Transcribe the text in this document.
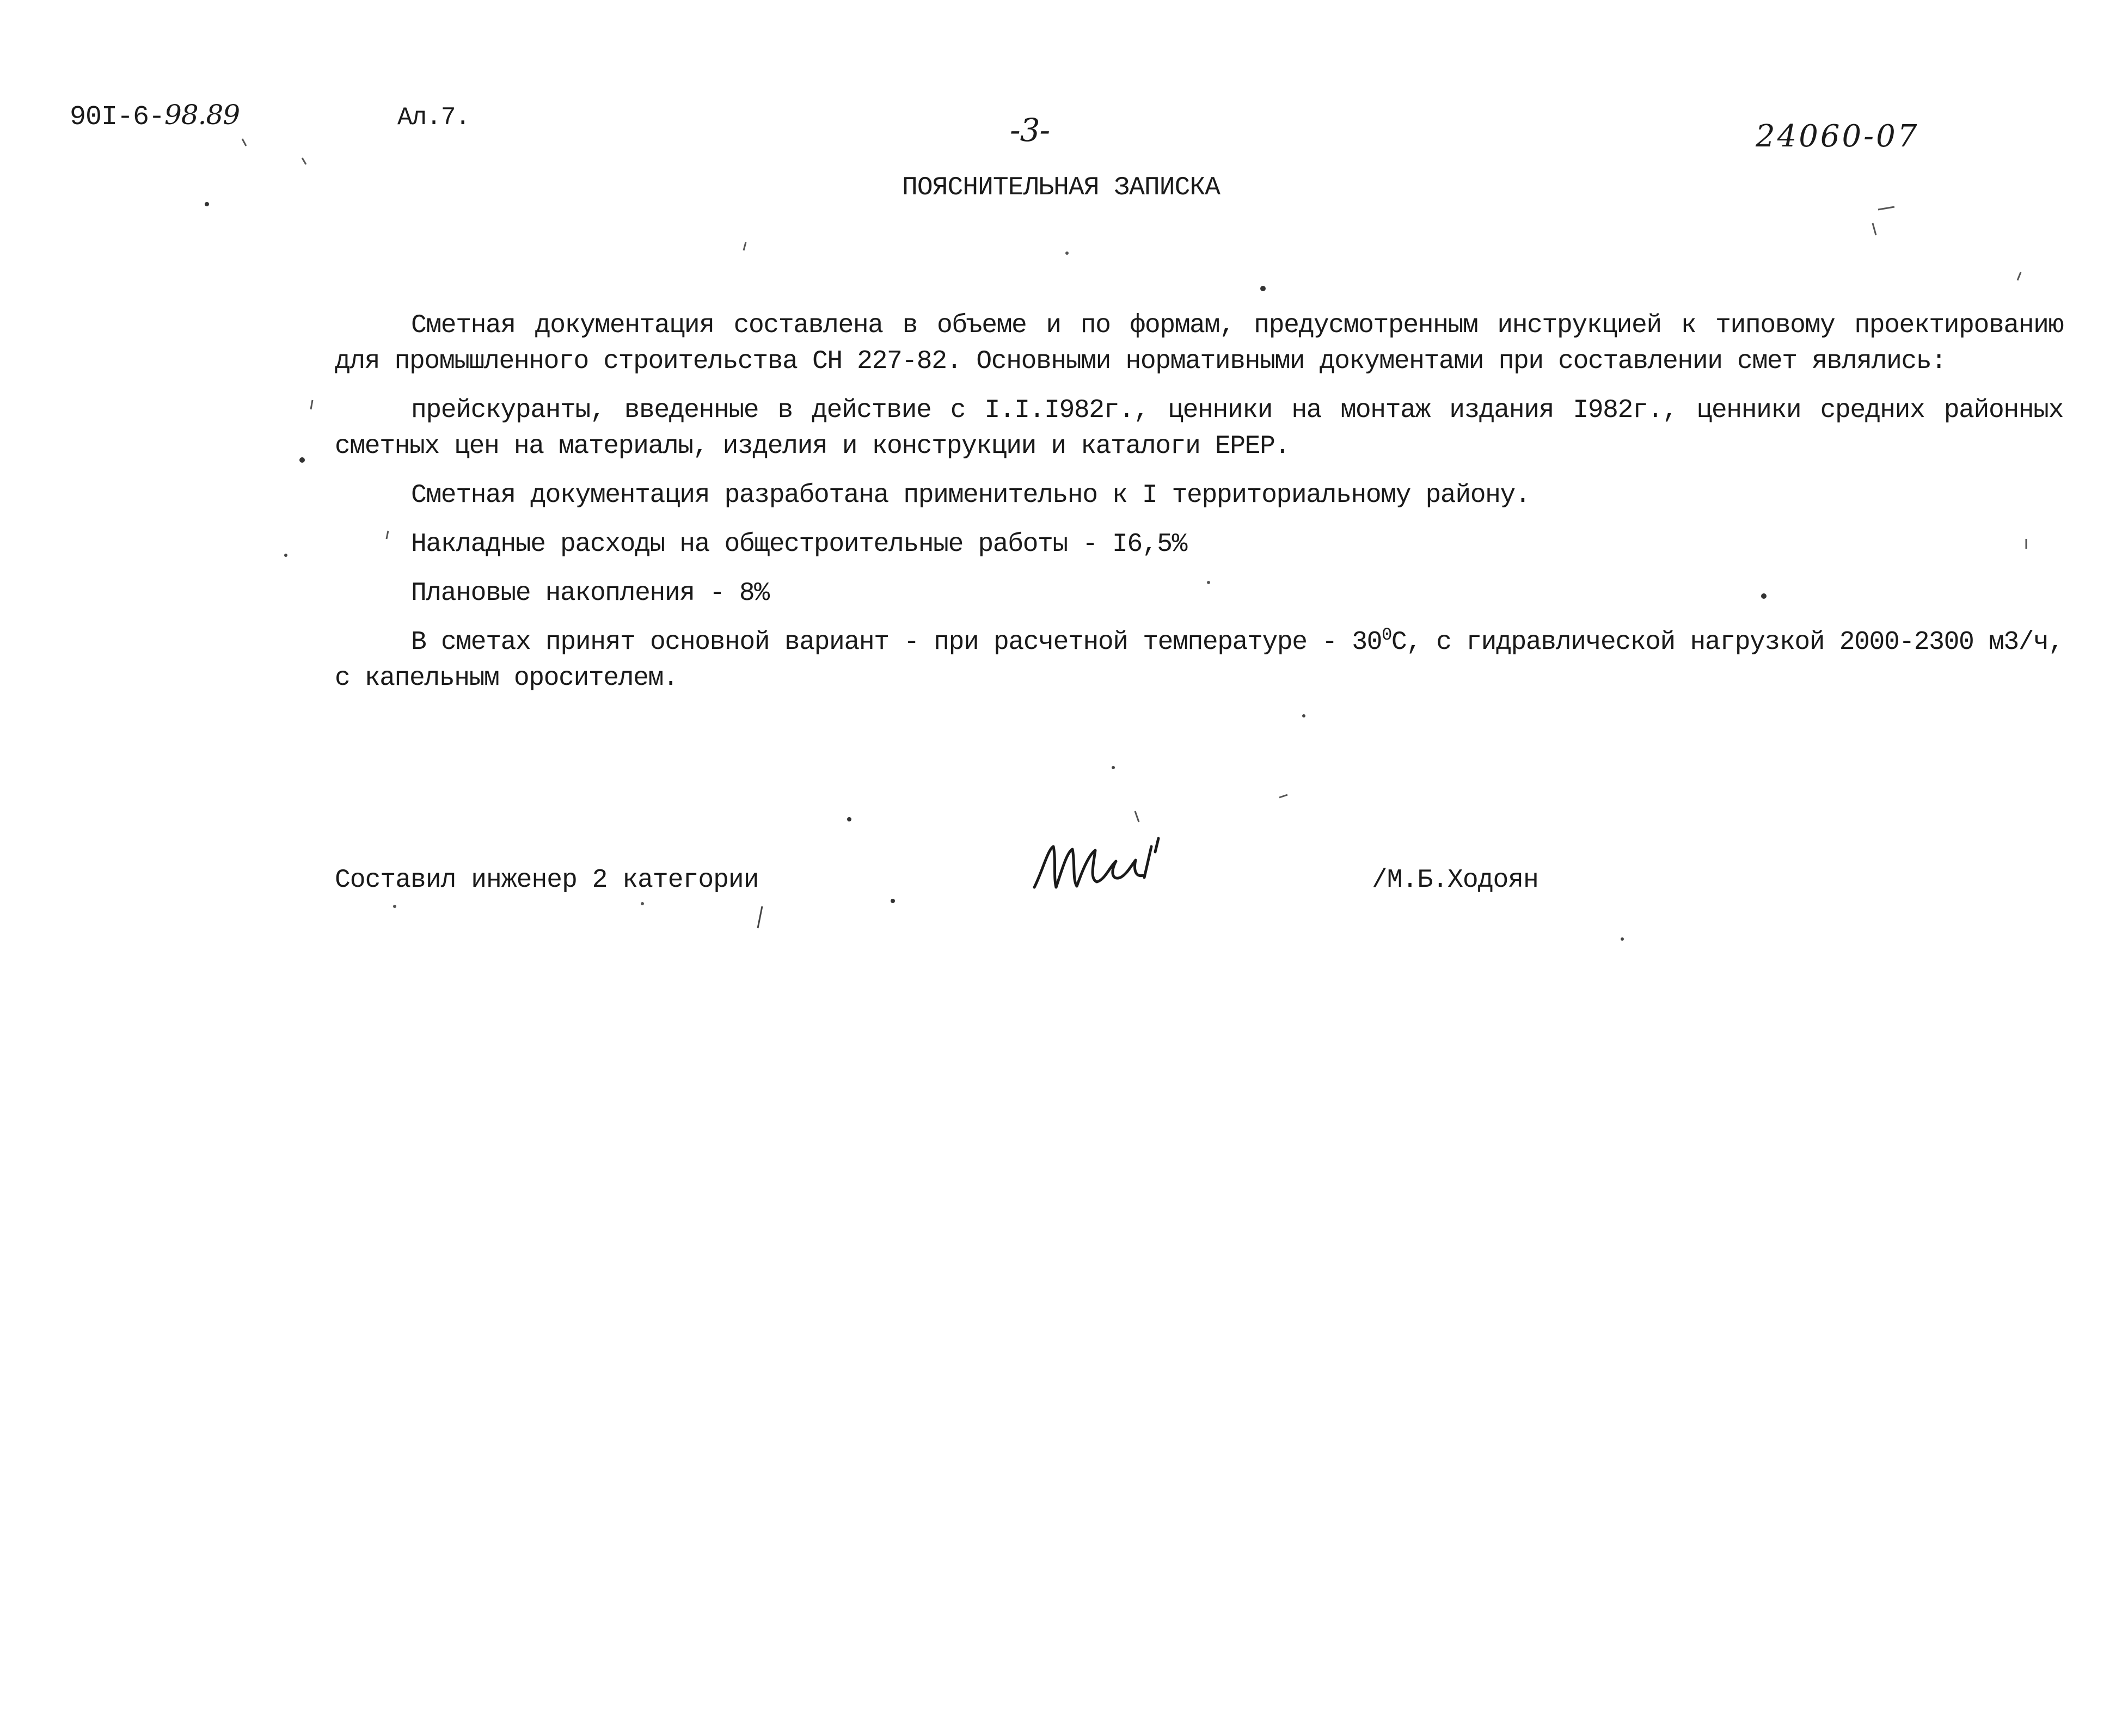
90I-6-98.89	Ал.7.	-3-	24060-07
ПОЯСНИТЕЛЬНАЯ ЗАПИСКА

Сметная документация составлена в объеме и по формам, предусмотренным инструкцией к типовому проектированию для промышленного строительства СН 227-82. Основными нормативными документами при составлении смет являлись:

прейскуранты, введенные в действие с I.I.I982г., ценники на монтаж издания I982г., ценники средних районных сметных цен на материалы, изделия и конструкции и каталоги ЕРЕР.

Сметная документация разработана применительно к I территориальному району.

Накладные расходы на общестроительные работы - I6,5%

Плановые накопления - 8%

В сметах принят основной вариант - при расчетной температуре - $30^0С$, с гидравлической нагрузкой 2000-2300 м3/ч, с капельным оросителем.

Составил инженер 2 категории	/М.Б.Ходоян
